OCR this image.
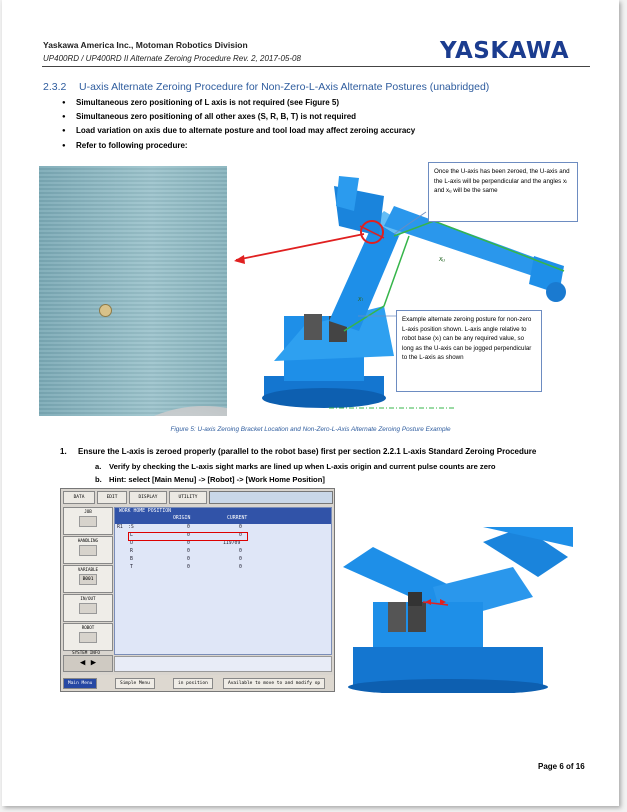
Yaskawa America Inc., Motoman Robotics Division
UP400RD / UP400RD II Alternate Zeroing Procedure Rev. 2, 2017-05-08	YASKAWA
2.3.2 U-axis Alternate Zeroing Procedure for Non-Zero-L-Axis Alternate Postures (unabridged)
● Simultaneous zero positioning of L axis is not required (see Figure 5)
● Simultaneous zero positioning of all other axes (S, R, B, T) is not required
● Load variation on axis due to alternate posture and tool load may affect zeroing accuracy
● Refer to following procedure:
Once the U-axis has been zeroed, the U-axis and the L-axis will be perpendicular and the angles xₗ and xᵤ will be the same
Example alternate zeroing posture for non-zero L-axis position shown. L-axis angle relative to robot base (xₗ) can be any required value, so long as the U-axis can be jogged perpendicular to the L-axis as shown
xᵤ
xₗ
Figure 5: U-axis Zeroing Bracket Location and Non-Zero-L-Axis Alternate Zeroing Posture Example
1. Ensure the L-axis is zeroed properly (parallel to the robot base) first per section 2.2.1 L-axis Standard Zeroing Procedure
a. Verify by checking the L-axis sight marks are lined up when L-axis origin and current pulse counts are zero
b. Hint: select [Main Menu] -> [Robot] -> [Work Home Position]
DATA	EDIT	DISPLAY	UTILITY
JOB
HANDLING
VARIABLE
B001
IN/OUT
ROBOT
WORK HOME POSITION
ORIGIN	CURRENT
R1 :S	0	0
L	0	0
U	0	119709
R	0	0
B	0	0
T	0	0
◀ ▶
Main Menu	Simple Menu	in position	Available to move to and modify op
SYSTEM INFO
Page 6 of 16
